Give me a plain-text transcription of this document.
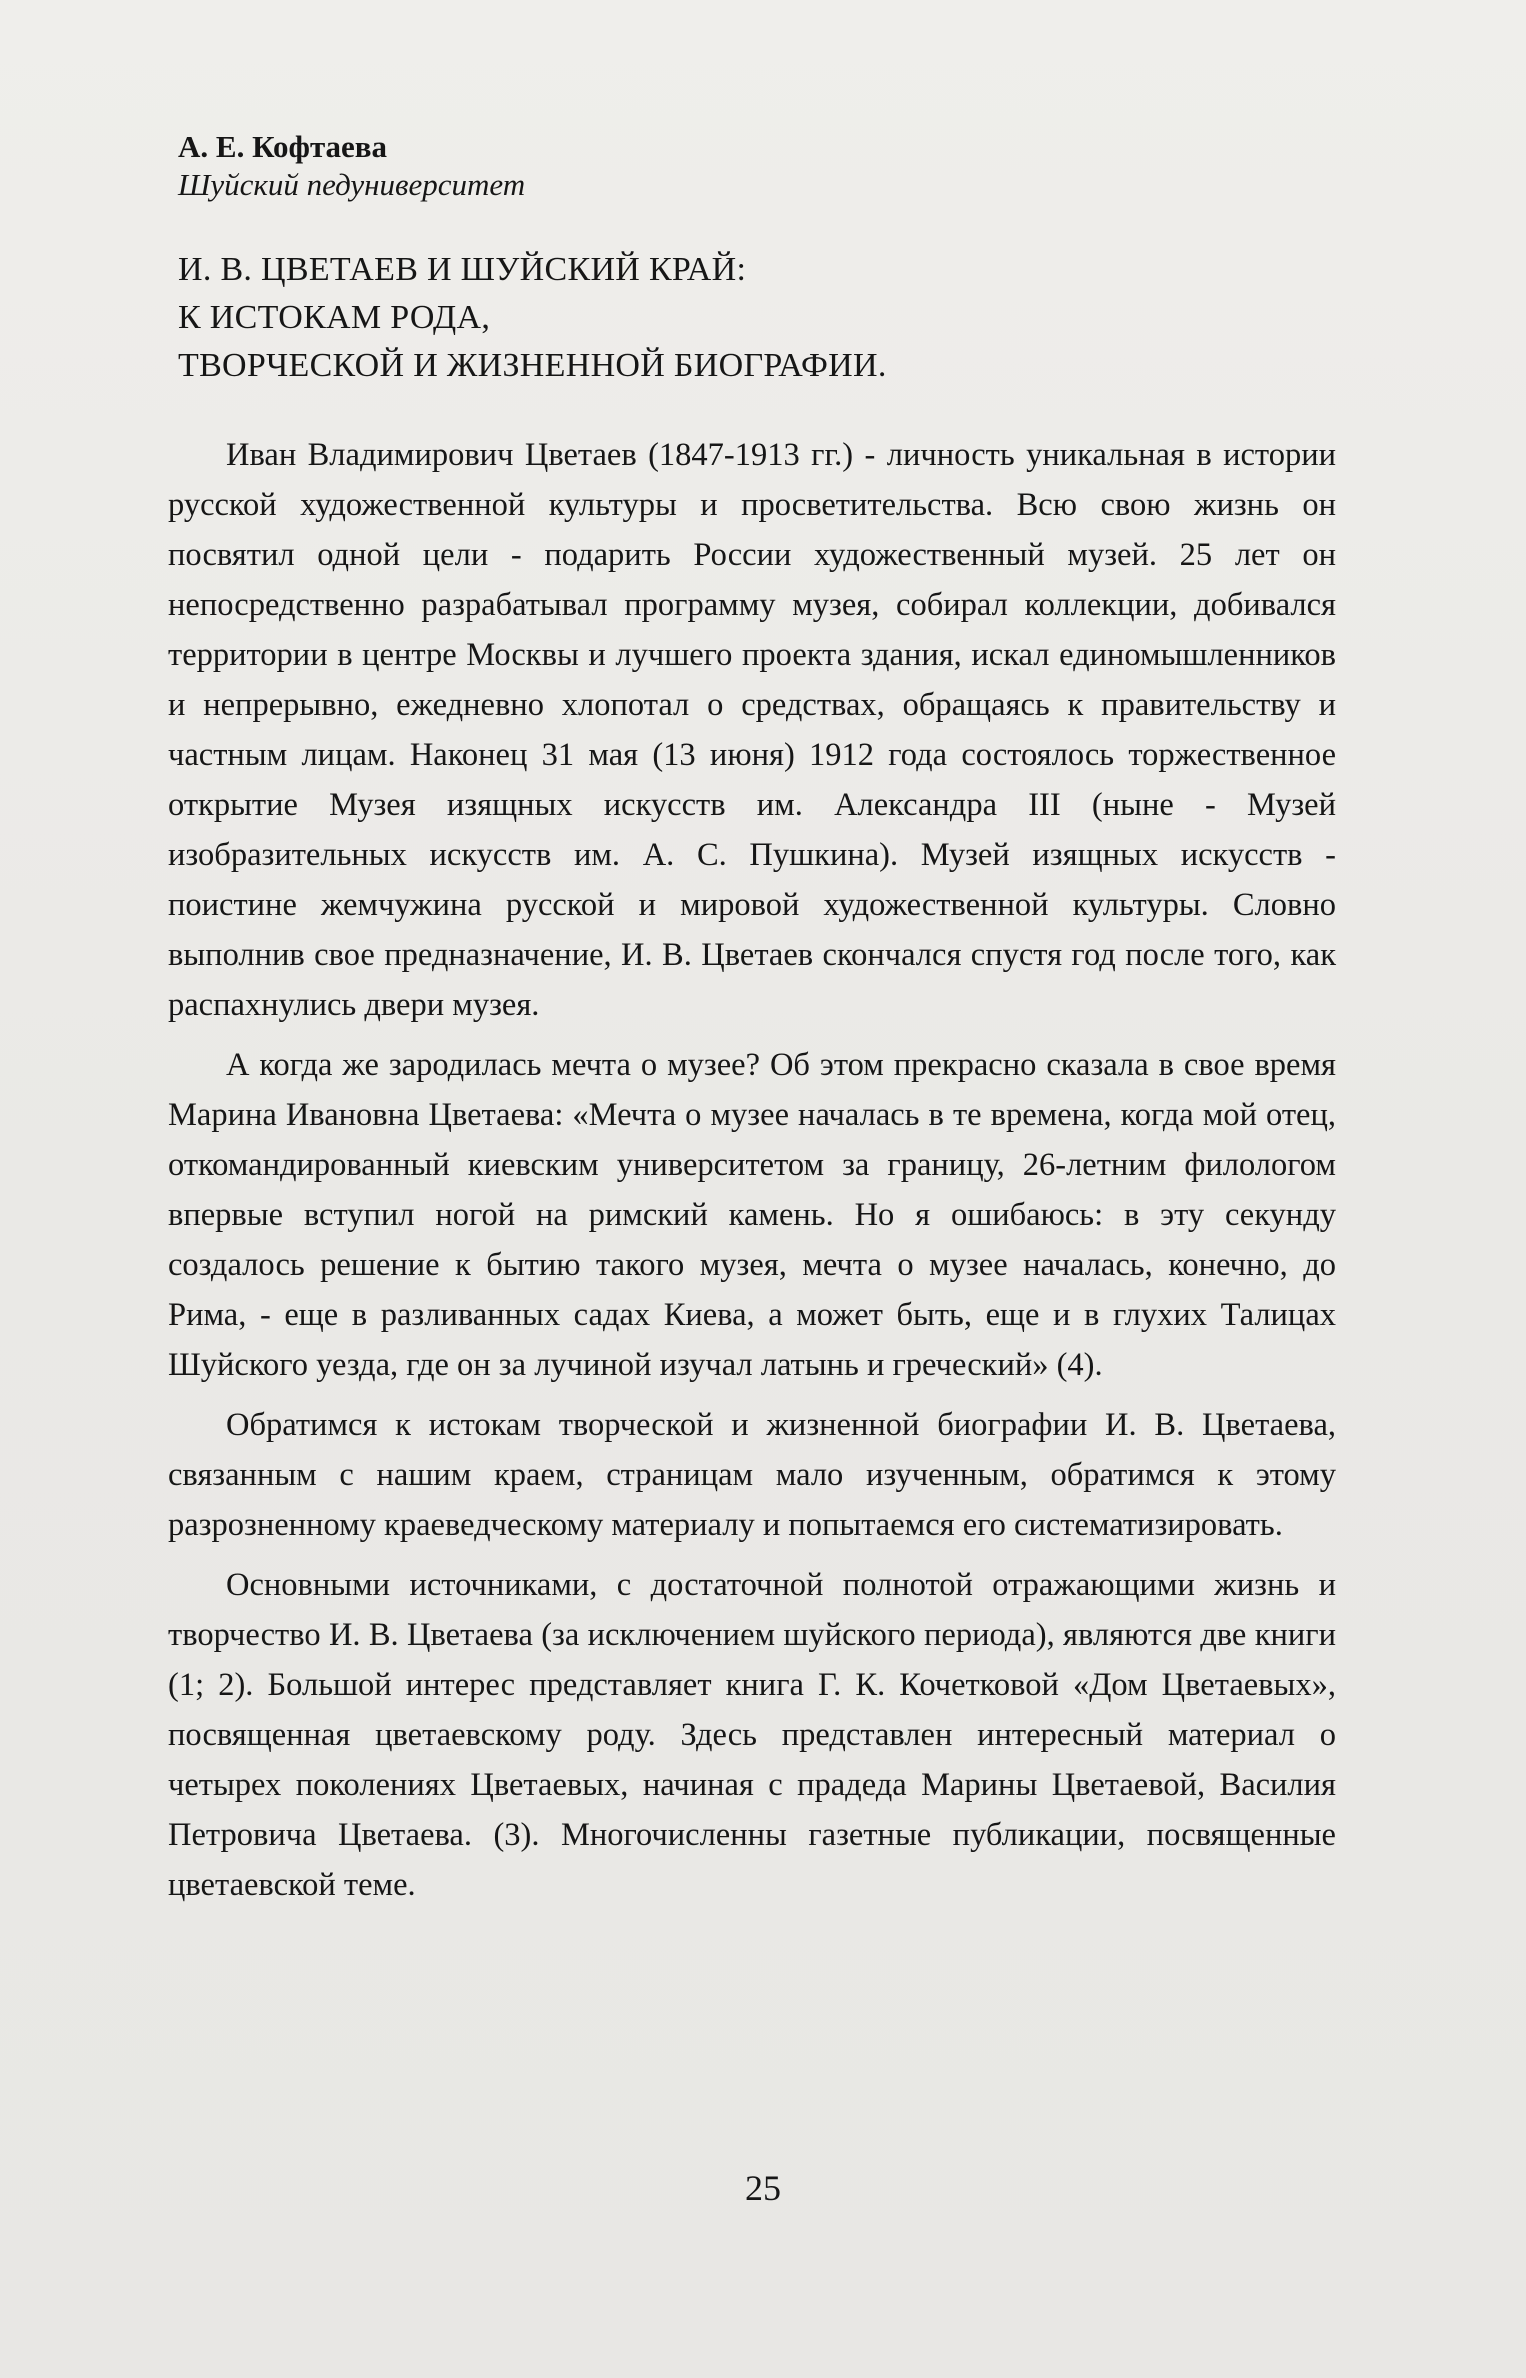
А. Е. Кофтаева
Шуйский педуниверситет
И. В. ЦВЕТАЕВ И ШУЙСКИЙ КРАЙ:
К ИСТОКАМ РОДА,
ТВОРЧЕСКОЙ И ЖИЗНЕННОЙ БИОГРАФИИ.

Иван Владимирович Цветаев (1847-1913 гг.) - личность уникальная в истории русской художественной культуры и просветительства. Всю свою жизнь он посвятил одной цели - подарить России художественный музей. 25 лет он непосредственно разрабатывал программу музея, собирал коллекции, добивался территории в центре Москвы и лучшего проекта здания, искал единомышленников и непрерывно, ежедневно хлопотал о средствах, обращаясь к правительству и частным лицам. Наконец 31 мая (13 июня) 1912 года состоялось торжественное открытие Музея изящных искусств им. Александра III (ныне - Музей изобразительных искусств им. А. С. Пушкина). Музей изящных искусств - поистине жемчужина русской и мировой художественной культуры. Словно выполнив свое предназначение, И. В. Цветаев скончался спустя год после того, как распахнулись двери музея.

А когда же зародилась мечта о музее? Об этом прекрасно сказала в свое время Марина Ивановна Цветаева: «Мечта о музее началась в те времена, когда мой отец, откомандированный киевским университетом за границу, 26-летним филологом впервые вступил ногой на римский камень. Но я ошибаюсь: в эту секунду создалось решение к бытию такого музея, мечта о музее началась, конечно, до Рима, - еще в разливанных садах Киева, а может быть, еще и в глухих Талицах Шуйского уезда, где он за лучиной изучал латынь и греческий» (4).

Обратимся к истокам творческой и жизненной биографии И. В. Цветаева, связанным с нашим краем, страницам мало изученным, обратимся к этому разрозненному краеведческому материалу и попытаемся его систематизировать.

Основными источниками, с достаточной полнотой отражающими жизнь и творчество И. В. Цветаева (за исключением шуйского периода), являются две книги (1; 2). Большой интерес представляет книга Г. К. Кочетковой «Дом Цветаевых», посвященная цветаевскому роду. Здесь представлен интересный материал о четырех поколениях Цветаевых, начиная с прадеда Марины Цветаевой, Василия Петровича Цветаева. (3). Многочисленны газетные публикации, посвященные цветаевской теме.

25
